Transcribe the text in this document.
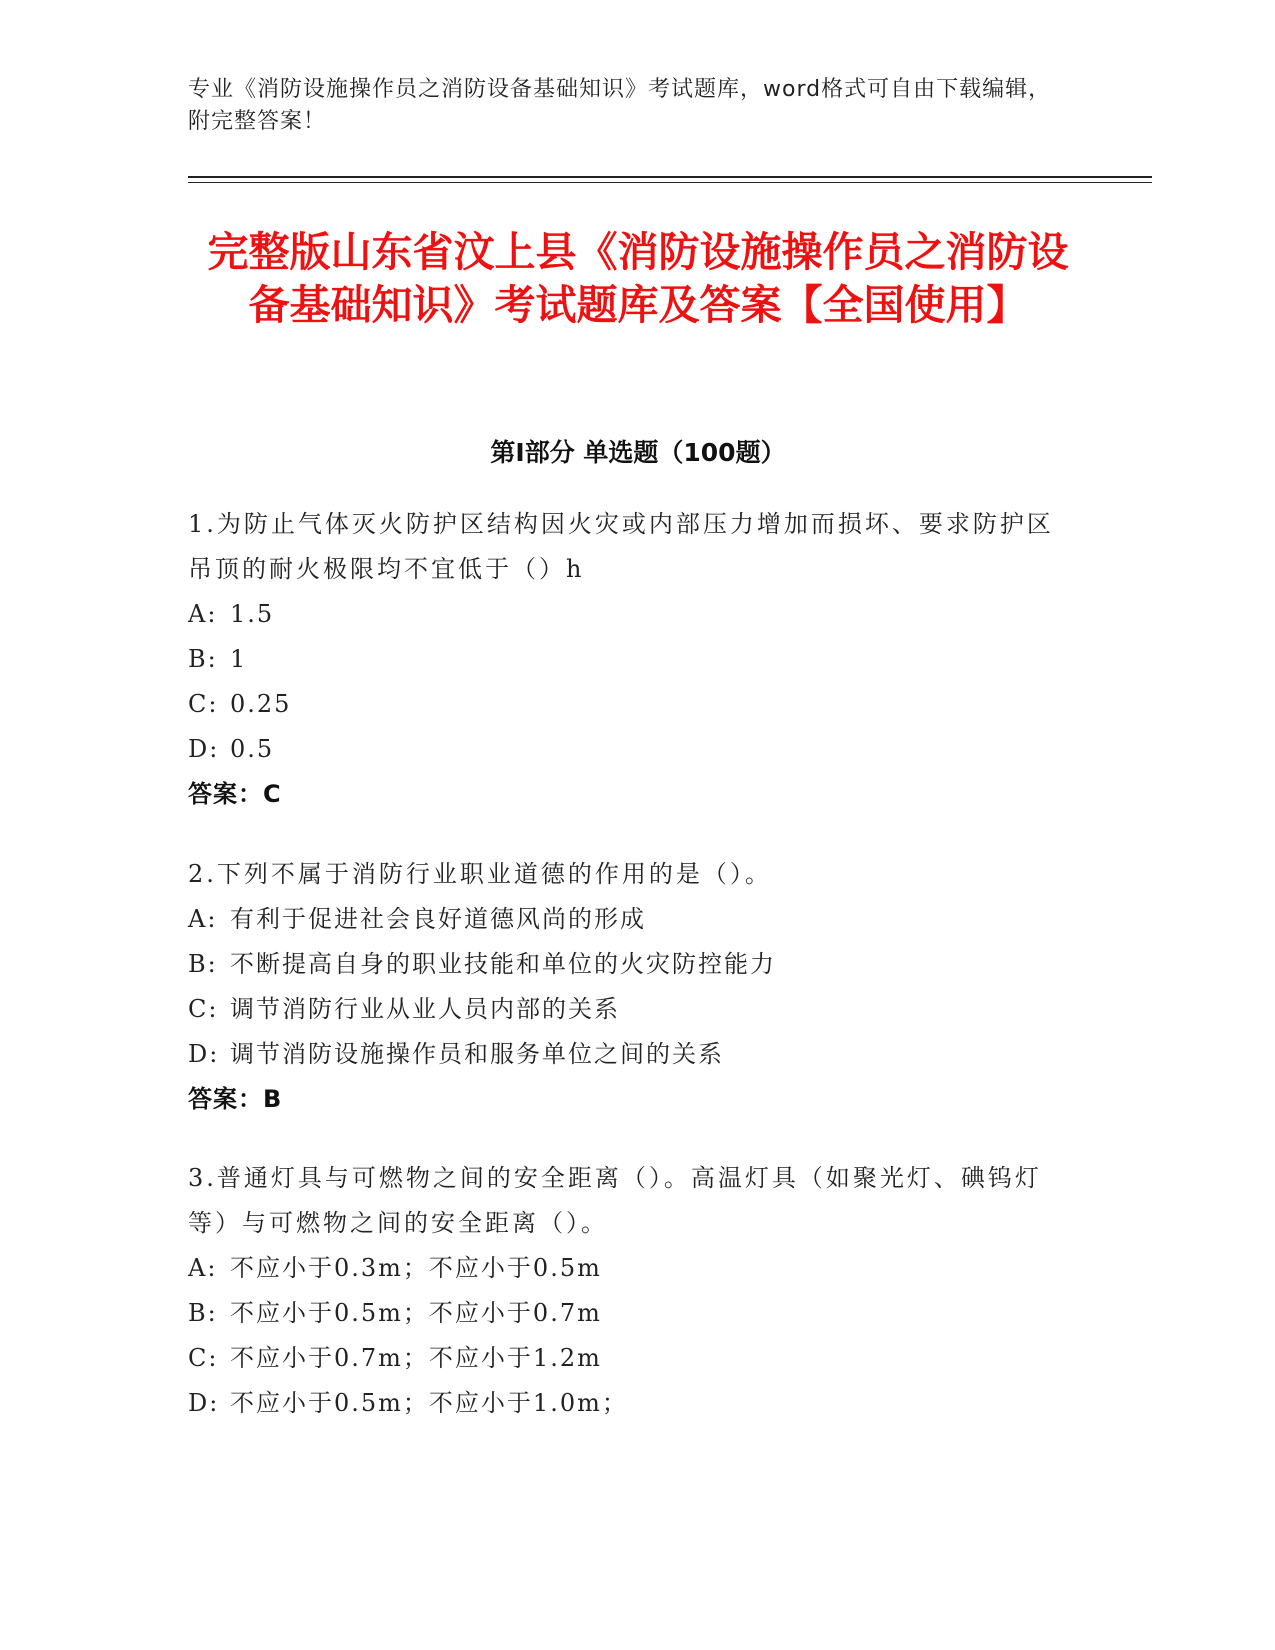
专业《消防设施操作员之消防设备基础知识》考试题库，word格式可自由下载编辑，附完整答案！
完整版山东省汶上县《消防设施操作员之消防设备基础知识》考试题库及答案【全国使用】
第Ⅰ部分 单选题（100题）
1.为防止气体灭火防护区结构因火灾或内部压力增加而损坏、要求防护区吊顶的耐火极限均不宜低于（）h
A: 1.5
B: 1
C: 0.25
D: 0.5
答案：C
2.下列不属于消防行业职业道德的作用的是（）。
A: 有利于促进社会良好道德风尚的形成
B: 不断提高自身的职业技能和单位的火灾防控能力
C: 调节消防行业从业人员内部的关系
D: 调节消防设施操作员和服务单位之间的关系
答案：B
3.普通灯具与可燃物之间的安全距离（）。高温灯具（如聚光灯、碘钨灯等）与可燃物之间的安全距离（）。
A: 不应小于0.3m；不应小于0.5m
B: 不应小于0.5m；不应小于0.7m
C: 不应小于0.7m；不应小于1.2m
D: 不应小于0.5m；不应小于1.0m；
